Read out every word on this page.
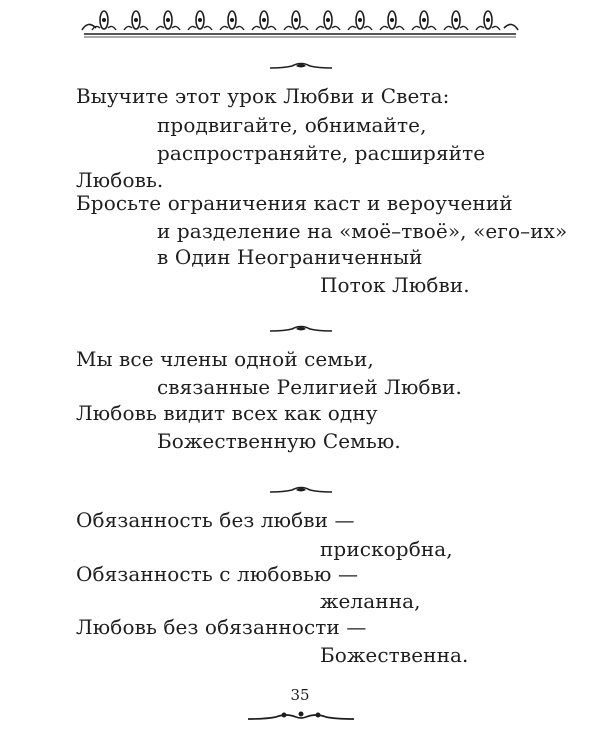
Выучите этот урок Любви и Света:
продвигайте, обнимайте,
распространяйте, расширяйте
Любовь.
Бросьте ограничения каст и вероучений
и разделение на «моё–твоё», «его–их»
в Один Неограниченный
Поток Любви.
Мы все члены одной семьи,
связанные Религией Любви.
Любовь видит всех как одну
Божественную Семью.
Обязанность без любви —
прискорбна,
Обязанность с любовью —
желанна,
Любовь без обязанности —
Божественна.
35
